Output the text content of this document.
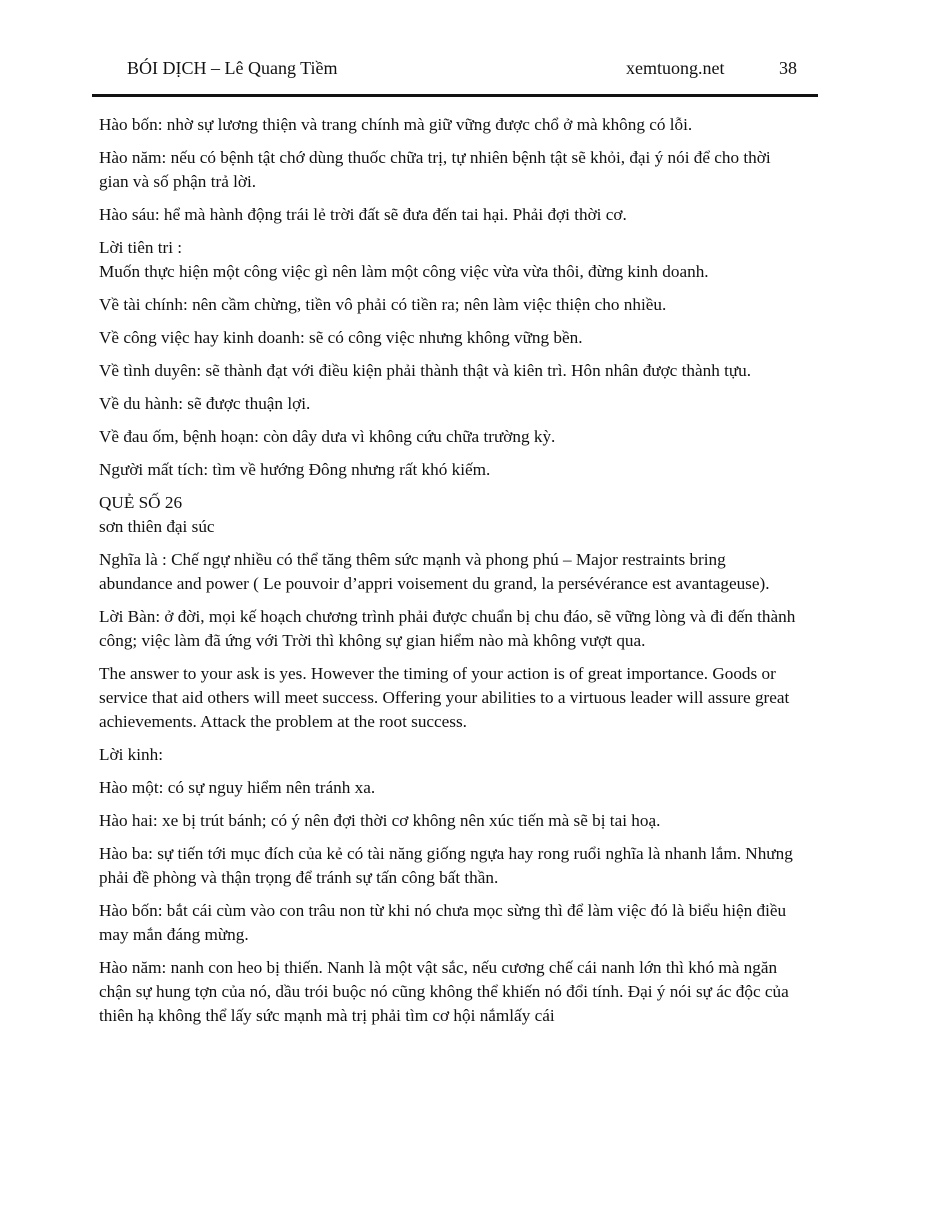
BÓI DỊCH – Lê Quang Tiềm	xemtuong.net	38

Hào bốn: nhờ sự lương thiện và trang chính mà giữ vững được chổ ở mà không có lỗi.

Hào năm: nếu có bệnh tật chớ dùng thuốc chữa trị, tự nhiên bệnh tật sẽ khỏi, đại ý nói để cho thời gian và số phận trả lời.

Hào sáu: hể mà hành động trái lẻ trời đất sẽ đưa đến tai hại. Phải đợi thời cơ.

Lời tiên tri :

Muốn thực hiện một công việc gì nên làm một công việc vừa vừa thôi, đừng kinh doanh.

Về tài chính: nên cầm chừng, tiền vô phải có tiền ra; nên làm việc thiện cho nhiều.

Về công việc hay kinh doanh: sẽ có công việc nhưng không vững bền.

Về tình duyên: sẽ thành đạt với điều kiện phải thành thật và kiên trì. Hôn nhân được thành tựu.

Về du hành: sẽ được thuận lợi.

Về đau ốm, bệnh hoạn: còn dây dưa vì không cứu chữa trường kỳ.

Người mất tích: tìm về hướng Đông nhưng rất khó kiếm.

QUẺ SỐ 26

sơn thiên đại súc

Nghĩa là : Chế ngự nhiều có thể tăng thêm sức mạnh và phong phú – Major restraints bring abundance and power ( Le pouvoir d’appri voisement du grand, la persévérance est avantageuse).

Lời Bàn: ở đời, mọi kế hoạch chương trình phải được chuẩn bị chu đáo, sẽ vững lòng và đi đến thành công; việc làm đã ứng với Trời thì không sự gian hiểm nào mà không vượt qua.

The answer to your ask is yes. However the timing of your action is of great importance. Goods or service that aid others will meet success. Offering your abilities to a virtuous leader will assure great achievements. Attack the problem at the root success.

Lời kinh:

Hào một: có sự nguy hiểm nên tránh xa.

Hào hai: xe bị trút bánh; có ý nên đợi thời cơ không nên xúc tiến mà sẽ bị tai hoạ.

Hào ba: sự tiến tới mục đích của kẻ có tài năng giống ngựa hay rong ruổi nghĩa là nhanh lắm. Nhưng phải đề phòng và thận trọng để tránh sự tấn công bất thần.

Hào bốn: bắt cái cùm vào con trâu non từ khi nó chưa mọc sừng thì để làm việc đó là biểu hiện điều may mắn đáng mừng.

Hào năm: nanh con heo bị thiến. Nanh là một vật sắc, nếu cương chế cái nanh lớn thì khó mà ngăn chận sự hung tợn của nó, dầu trói buộc nó cũng không thể khiến nó đổi tính. Đại ý nói sự ác độc của thiên hạ không thể lấy sức mạnh mà trị phải tìm cơ hội nắmlấy cái
